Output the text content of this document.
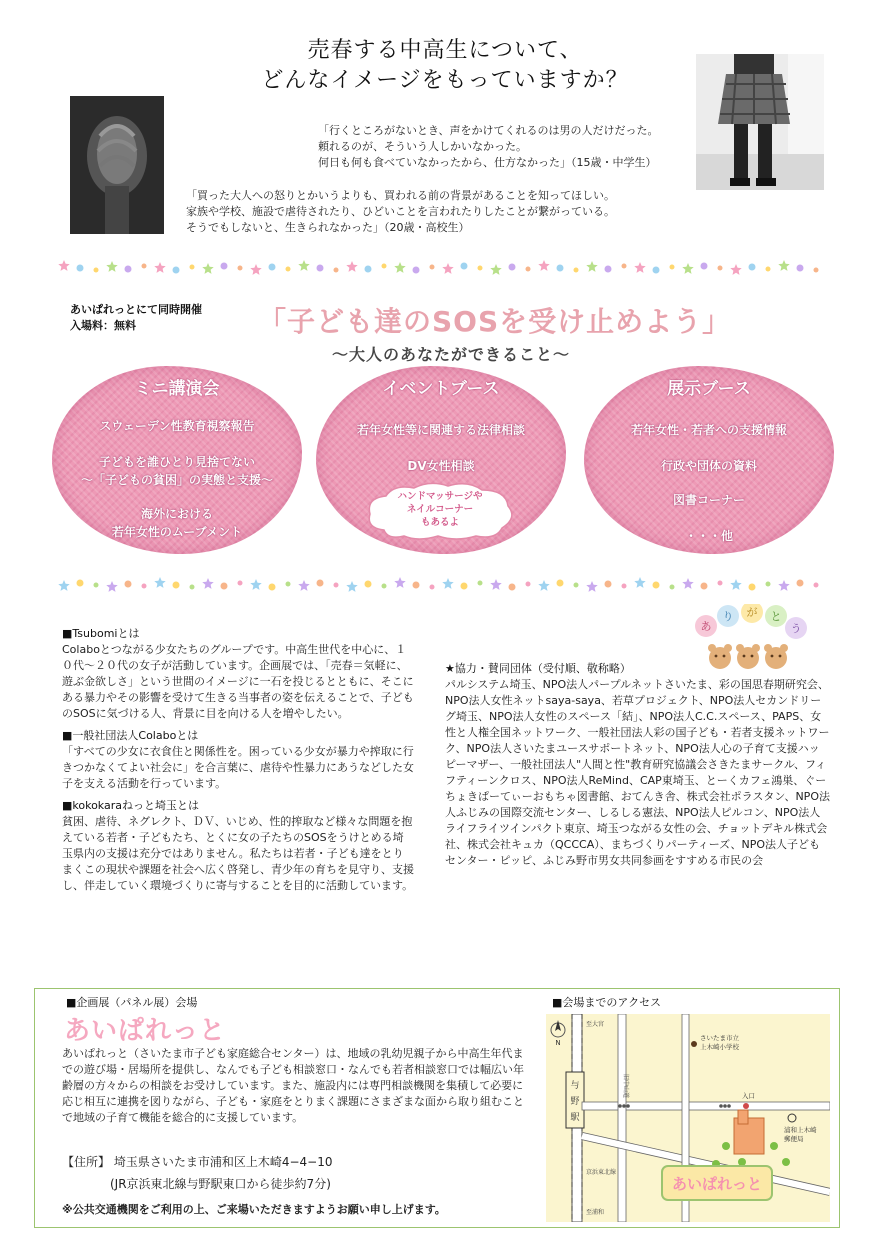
売春する中高生について、
どんなイメージをもっていますか？
「行くところがないとき、声をかけてくれるのは男の人だけだった。
頼れるのが、そういう人しかいなかった。
何日も何も食べていなかったから、仕方なかった」（15歳・中学生）
「買った大人への怒りとかいうよりも、買われる前の背景があることを知ってほしい。
家族や学校、施設で虐待されたり、ひどいことを言われたりしたことが繋がっている。
そうでもしないと、生きられなかった」（20歳・高校生）
あいぱれっとにて同時開催
入場料：無料	「子ども達のSOSを受け止めよう」
～大人のあなたができること～
ミニ講演会
スウェーデン性教育視察報告
子どもを誰ひとり見捨てない
～「子どもの貧困」の実態と支援～
海外における
若年女性のムーブメント
イベントブース
若年女性等に関連する法律相談
DV女性相談
ハンドマッサージや
ネイルコーナー
もあるよ
展示ブース
若年女性・若者への支援情報
行政や団体の資料
図書コーナー
・・・他
■Tsubomiとは
Colaboとつながる少女たちのグループです。中高生世代を中心に、１０代〜２０代の女子が活動しています。企画展では、「売春＝気軽に、遊ぶ金欲しさ」という世間のイメージに一石を投じるとともに、そこにある暴力やその影響を受けて生きる当事者の姿を伝えることで、子どものSOSに気づける人、背景に目を向ける人を増やしたい。
■一般社団法人Colaboとは
「すべての少女に衣食住と関係性を。困っている少女が暴力や搾取に行きつかなくてよい社会に」を合言葉に、虐待や性暴力にあうなどした女子を支える活動を行っています。
■kokokaraねっと埼玉とは
貧困、虐待、ネグレクト、ＤＶ、いじめ、性的搾取など様々な問題を抱えている若者・子どもたち、とくに女の子たちのSOSをうけとめる埼玉県内の支援は充分ではありません。私たちは若者・子ども達をとりまくこの現状や課題を社会へ広く啓発し、青少年の育ちを見守り、支援し、伴走していく環境づくりに寄与することを目的に活動しています。
あ
り が と
う
★協力・賛同団体（受付順、敬称略）
パルシステム埼玉、NPO法人パープルネットさいたま、彩の国思春期研究会、NPO法人女性ネットsaya-saya、若草プロジェクト、NPO法人セカンドリーグ埼玉、NPO法人女性のスペース「結」、NPO法人C.C.スペース、PAPS、女性と人権全国ネットワーク、一般社団法人彩の国子ども・若者支援ネットワーク、NPO法人さいたまユースサポートネット、NPO法人心の子育て支援ハッピーマザー、一般社団法人"人間と性"教育研究協議会さきたまサークル、フィフティーンクロス、NPO法人ReMind、CAP東埼玉、とーくカフェ鴻巣、ぐーちょきぱーてぃーおもちゃ図書館、おてんき舎、株式会社ポラスタン、NPO法人ふじみの国際交流センター、しるしる憲法、NPO法人ピルコン、NPO法人ライフライツインパクト東京、埼玉つながる女性の会、チョットデキル株式会社、株式会社キュカ（QCCCA）、まちづくりパーティーズ、NPO法人子どもセンター・ピッピ、ふじみ野市男女共同参画をすすめる市民の会
■企画展（パネル展）会場
あいぱれっと
あいぱれっと（さいたま市子ども家庭総合センター）は、地域の乳幼児親子から中高生年代までの遊び場・居場所を提供し、なんでも子ども相談窓口・なんでも若者相談窓口では幅広い年齢層の方々からの相談をお受けしています。また、施設内には専門相談機関を集積して必要に応じ相互に連携を図りながら、子ども・家庭をとりまく課題にさまざまな面から取り組むことで地域の子育て機能を総合的に支援しています。
【住所】 埼玉県さいたま市浦和区上木崎4−4−10
(JR京浜東北線与野駅東口から徒歩約7分)
※公共交通機関をご利用の上、ご来場いただきますようお願い申し上げます。
■会場までのアクセス
N
至大宮
至浦和
京浜東北線
与
野
駅
旧中山道
さいたま市立
上木崎小学校
入口
浦和上木崎
郵便局
あいぱれっと
